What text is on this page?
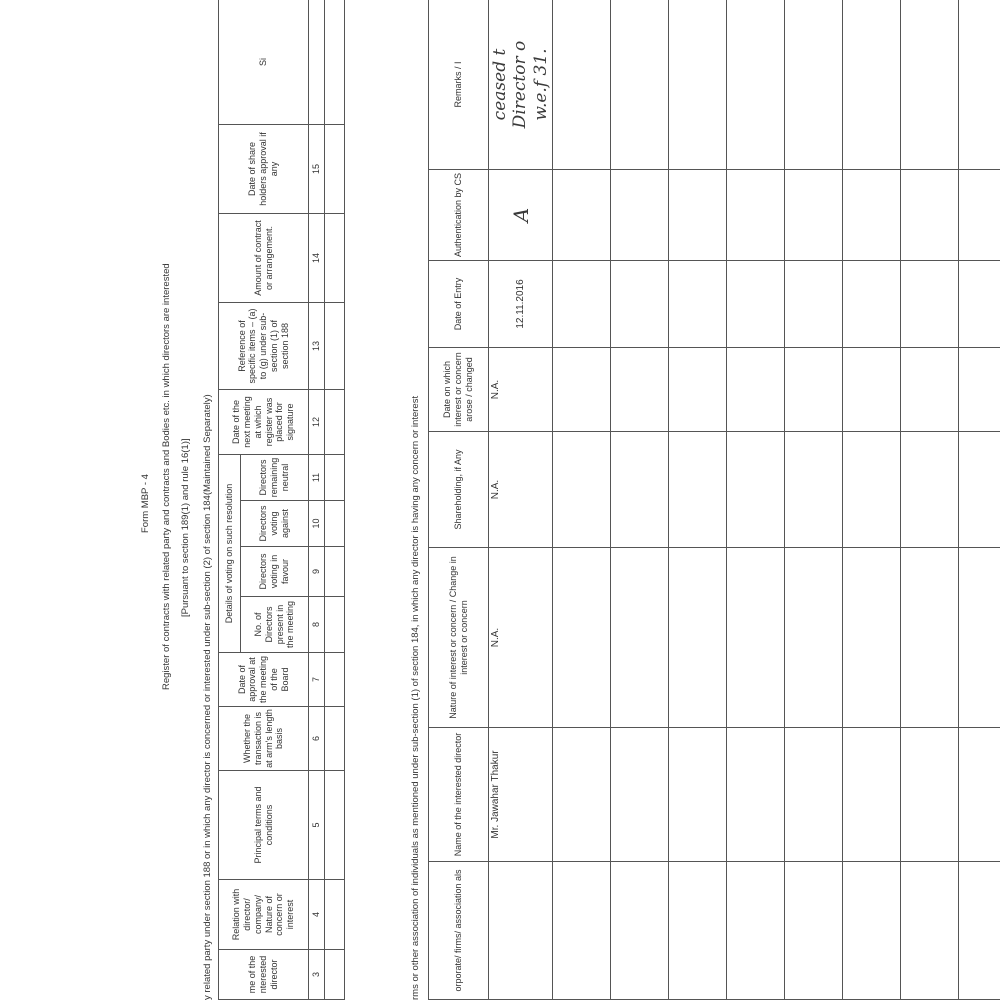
Form MBP - 4 Register of contracts with related party and contracts and Bodies etc. in which directors are interested [Pursuant to section 189(1) and rule 16(1)] y related party under section 188 or in which any director is concerned or interested under sub-section (2) of section 184(Maintained Separately)	me of the nterested director	Relation with director/ company/ Nature of concern or interest	Principal terms and conditions	Whether the transaction is at arm's length basis	Date of approval at the meeting of the Board	Details of voting on such resolution				Date of the next meeting at which register was placed for signature	Reference of specific items – (a) to (g) under sub-section (1) of section 188	Amount of contract or arrangement.	Date of share holders approval if any	Si
					No. of Directors present in the meeting	Directors voting in favour	Directors voting against	Directors remaining neutral					
3	4	5	6	7	8	9	10	11	12	13	14	15	

rms or other association of individuals as mentioned under sub-section (1) of section 184, in which any director is having any concern or interest	orporate/ firms/ association als	Name of the interested director	Nature of interest or concern / Change in interest or concern	Shareholding, if Any	Date on which interest or concern arose / changed	Date of Entry	Authentication by CS	Remarks / I
	Mr. Jawahar Thakur	N.A.	N.A.	N.A.	12.11.2016	A	ceased t Director o w.e.f 31.
